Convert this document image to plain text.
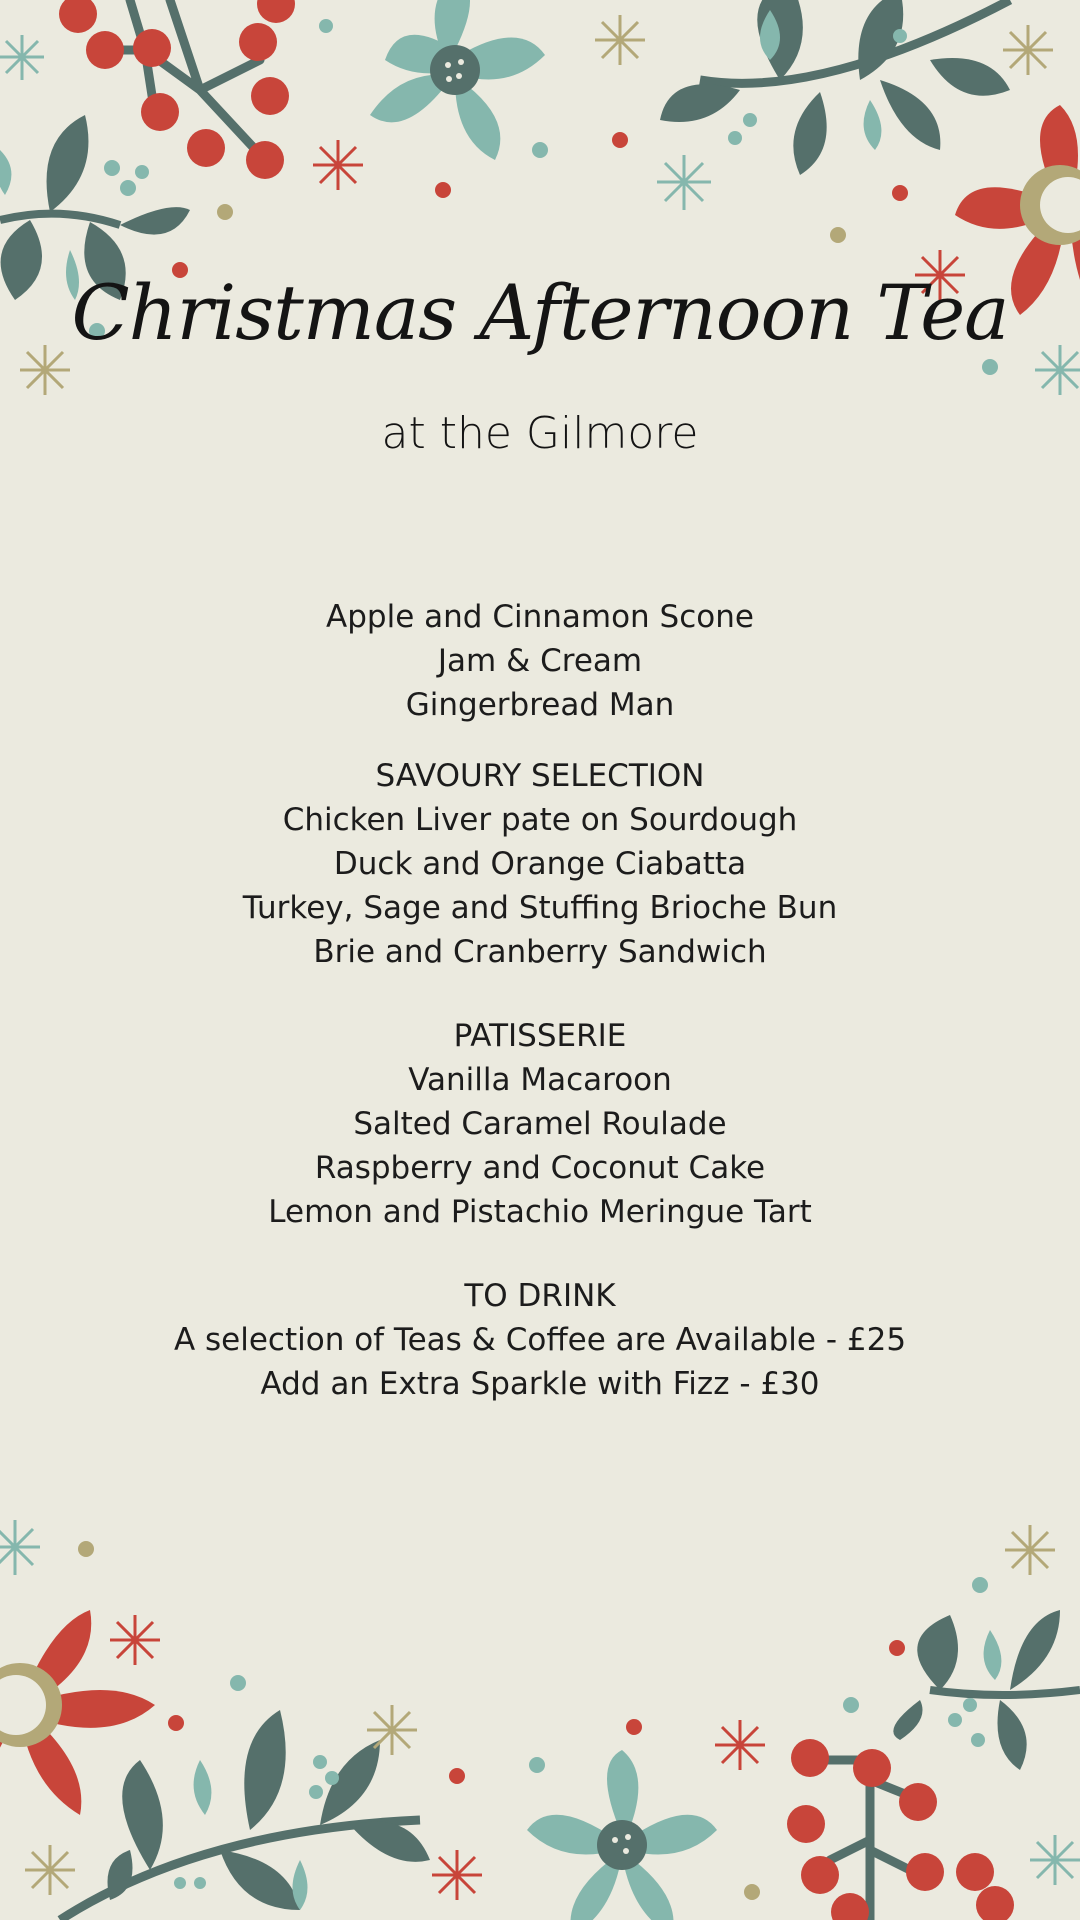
Christmas Afternoon Tea
at the Gilmore
Apple and Cinnamon Scone
Jam & Cream
Gingerbread Man
SAVOURY SELECTION
Chicken Liver pate on Sourdough
Duck and Orange Ciabatta
Turkey, Sage and Stuffing Brioche Bun
Brie and Cranberry Sandwich
PATISSERIE
Vanilla Macaroon
Salted Caramel Roulade
Raspberry and Coconut Cake
Lemon and Pistachio Meringue Tart
TO DRINK
A selection of Teas & Coffee are Available - £25
Add an Extra Sparkle with Fizz - £30
